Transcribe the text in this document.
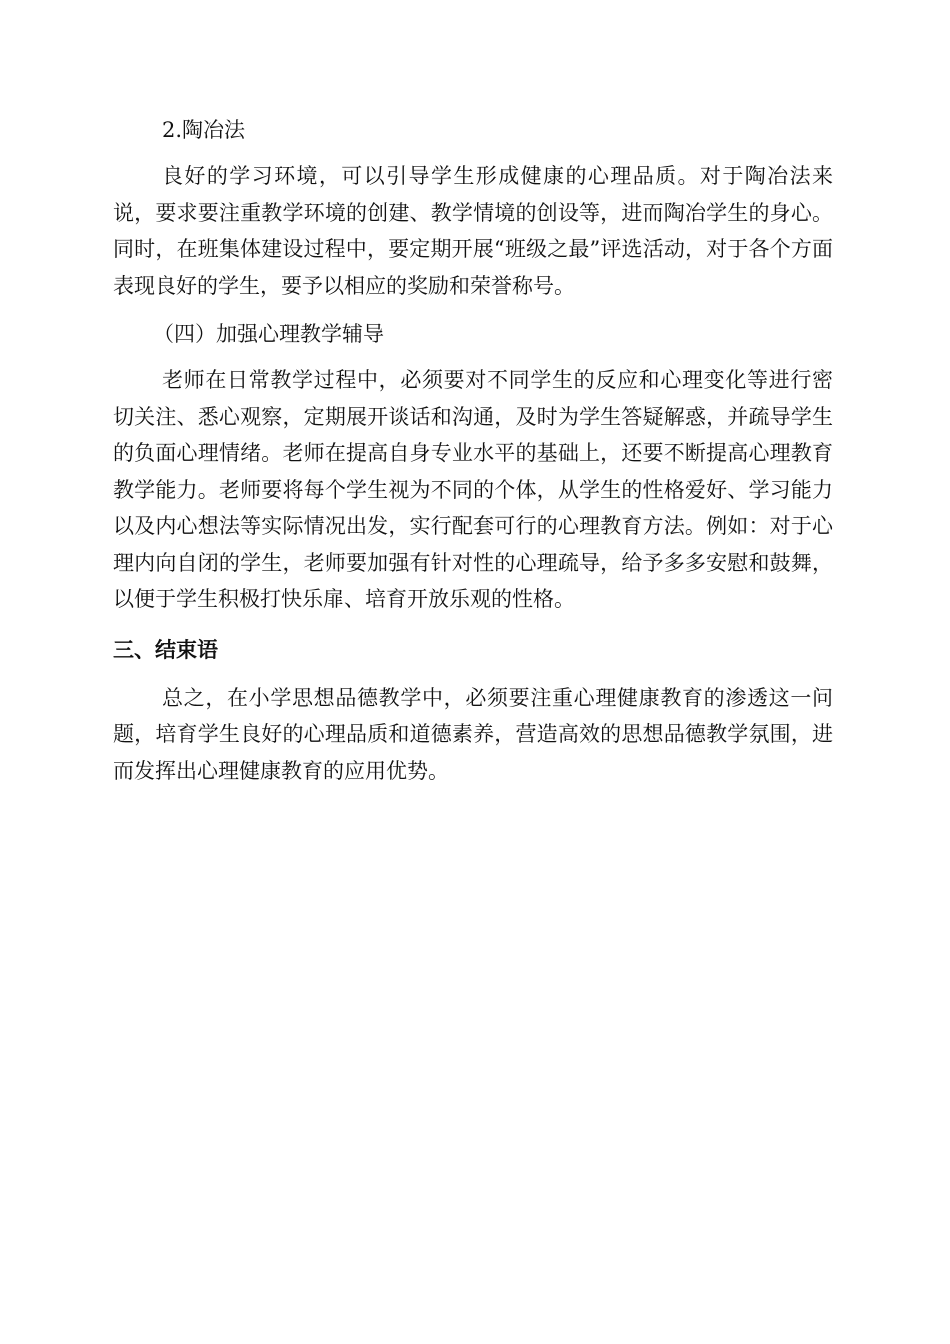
2.陶冶法

良好的学习环境，可以引导学生形成健康的心理品质。对于陶冶法来说，要求要注重教学环境的创建、教学情境的创设等，进而陶冶学生的身心。同时，在班集体建设过程中，要定期开展“班级之最”评选活动，对于各个方面表现良好的学生，要予以相应的奖励和荣誉称号。

（四）加强心理教学辅导

老师在日常教学过程中，必须要对不同学生的反应和心理变化等进行密切关注、悉心观察，定期展开谈话和沟通，及时为学生答疑解惑，并疏导学生的负面心理情绪。老师在提高自身专业水平的基础上，还要不断提高心理教育教学能力。老师要将每个学生视为不同的个体，从学生的性格爱好、学习能力以及内心想法等实际情况出发，实行配套可行的心理教育方法。例如：对于心理内向自闭的学生，老师要加强有针对性的心理疏导，给予多多安慰和鼓舞，以便于学生积极打快乐扉、培育开放乐观的性格。

三、结束语

总之，在小学思想品德教学中，必须要注重心理健康教育的渗透这一问题，培育学生良好的心理品质和道德素养，营造高效的思想品德教学氛围，进而发挥出心理健康教育的应用优势。
